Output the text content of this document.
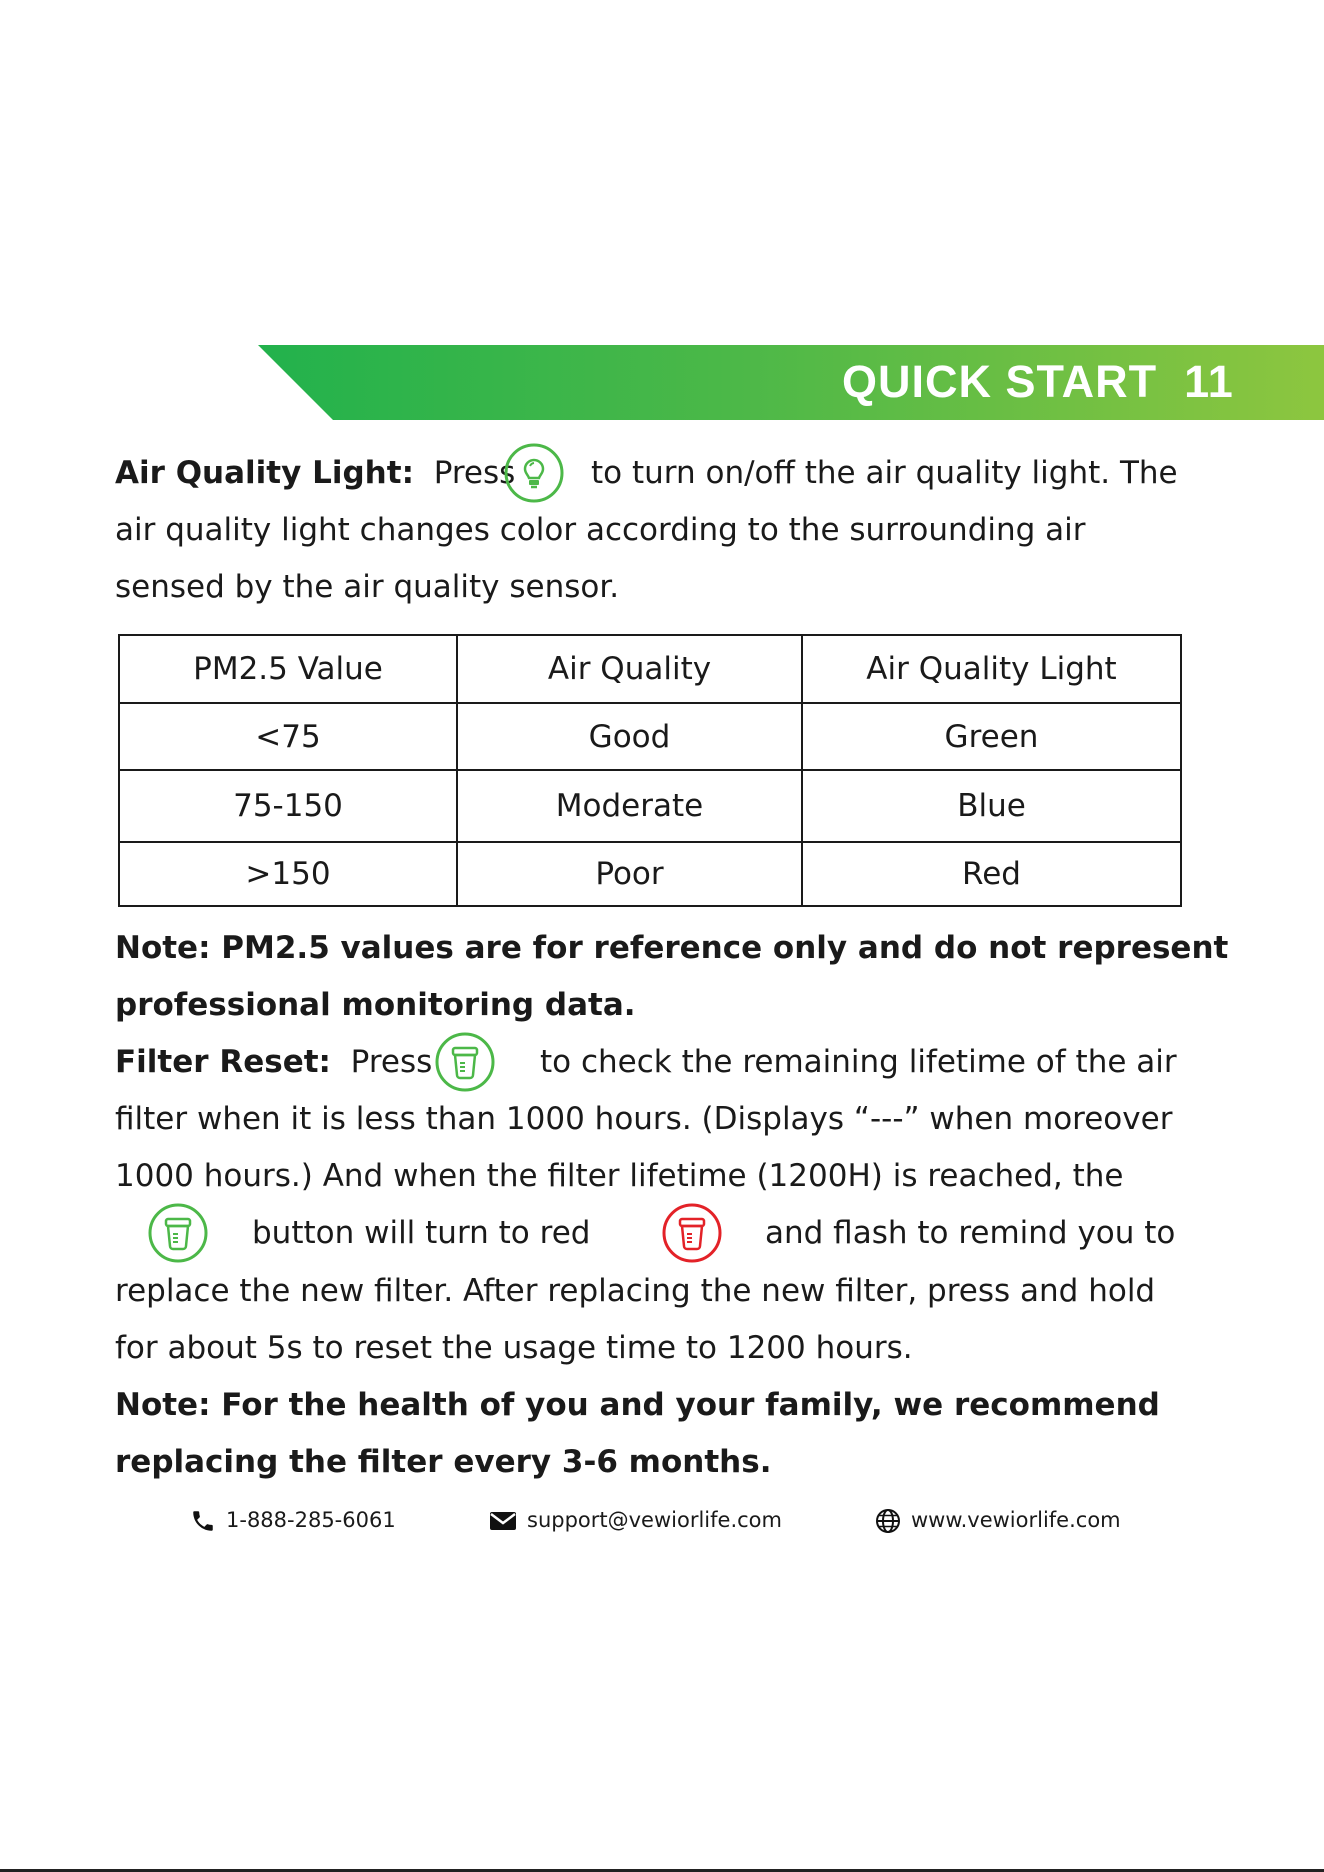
QUICK START 11
Air Quality Light: Press to turn on/off the air quality light. The
air quality light changes color according to the surrounding air
sensed by the air quality sensor.
PM2.5 Value	Air Quality	Air Quality Light
<75	Good	Green
75-150	Moderate	Blue
>150	Poor	Red
Note: PM2.5 values are for reference only and do not represent
professional monitoring data.
Filter Reset: Press	to check the remaining lifetime of the air
filter when it is less than 1000 hours. (Displays “---” when moreover
1000 hours.) And when the filter lifetime (1200H) is reached, the
button will turn to red	and flash to remind you to
replace the new filter. After replacing the new filter, press and hold
for about 5s to reset the usage time to 1200 hours.
Note: For the health of you and your family, we recommend
replacing the filter every 3-6 months.
1-888-285-6061	support@vewiorlife.com	www.vewiorlife.com
